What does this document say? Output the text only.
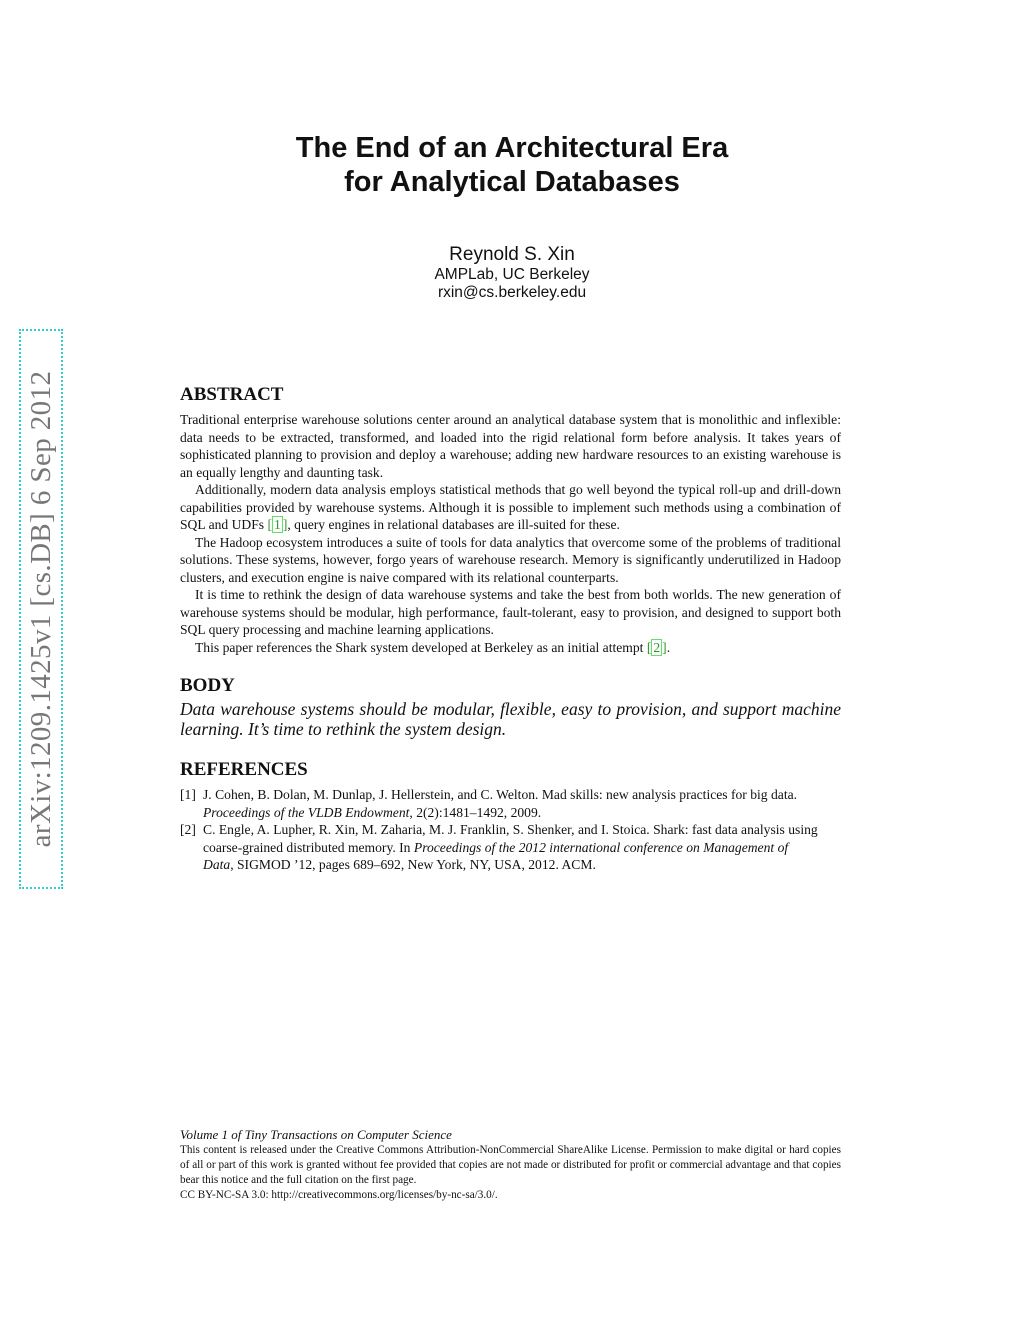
The End of an Architectural Era
for Analytical Databases
Reynold S. Xin
AMPLab, UC Berkeley
rxin@cs.berkeley.edu
arXiv:1209.1425v1 [cs.DB] 6 Sep 2012	ABSTRACT

Traditional enterprise warehouse solutions center around an analytical database system that is monolithic and inflexible: data needs to be extracted, transformed, and loaded into the rigid relational form before analysis. It takes years of sophisticated planning to provision and deploy a warehouse; adding new hardware resources to an existing warehouse is an equally lengthy and daunting task.

Additionally, modern data analysis employs statistical methods that go well beyond the typical roll-up and drill-down capabilities provided by warehouse systems. Although it is possible to implement such methods using a combination of SQL and UDFs [ 1 ], query engines in relational databases are ill-suited for these.

The Hadoop ecosystem introduces a suite of tools for data analytics that overcome some of the problems of traditional solutions. These systems, however, forgo years of warehouse research. Memory is significantly underutilized in Hadoop clusters, and execution engine is naive compared with its relational counterparts.

It is time to rethink the design of data warehouse systems and take the best from both worlds. The new generation of warehouse systems should be modular, high performance, fault-tolerant, easy to provision, and designed to support both SQL query processing and machine learning applications.

This paper references the Shark system developed at Berkeley as an initial attempt [ 2 ].

BODY

Data warehouse systems should be modular, flexible, easy to provision, and support machine learning. It’s time to rethink the system design.

REFERENCES
[1] J. Cohen, B. Dolan, M. Dunlap, J. Hellerstein, and C. Welton. Mad skills: new analysis practices for big data. Proceedings of the VLDB Endowment, 2(2):1481–1492, 2009.
[2] C. Engle, A. Lupher, R. Xin, M. Zaharia, M. J. Franklin, S. Shenker, and I. Stoica. Shark: fast data analysis using coarse-grained distributed memory. In Proceedings of the 2012 international conference on Management of Data, SIGMOD ’12, pages 689–692, New York, NY, USA, 2012. ACM.
Volume 1 of Tiny Transactions on Computer Science
This content is released under the Creative Commons Attribution-NonCommercial ShareAlike License. Permission to make digital or hard copies of all or part of this work is granted without fee provided that copies are not made or distributed for profit or commercial advantage and that copies bear this notice and the full citation on the first page.
CC BY-NC-SA 3.0: http://creativecommons.org/licenses/by-nc-sa/3.0/.
